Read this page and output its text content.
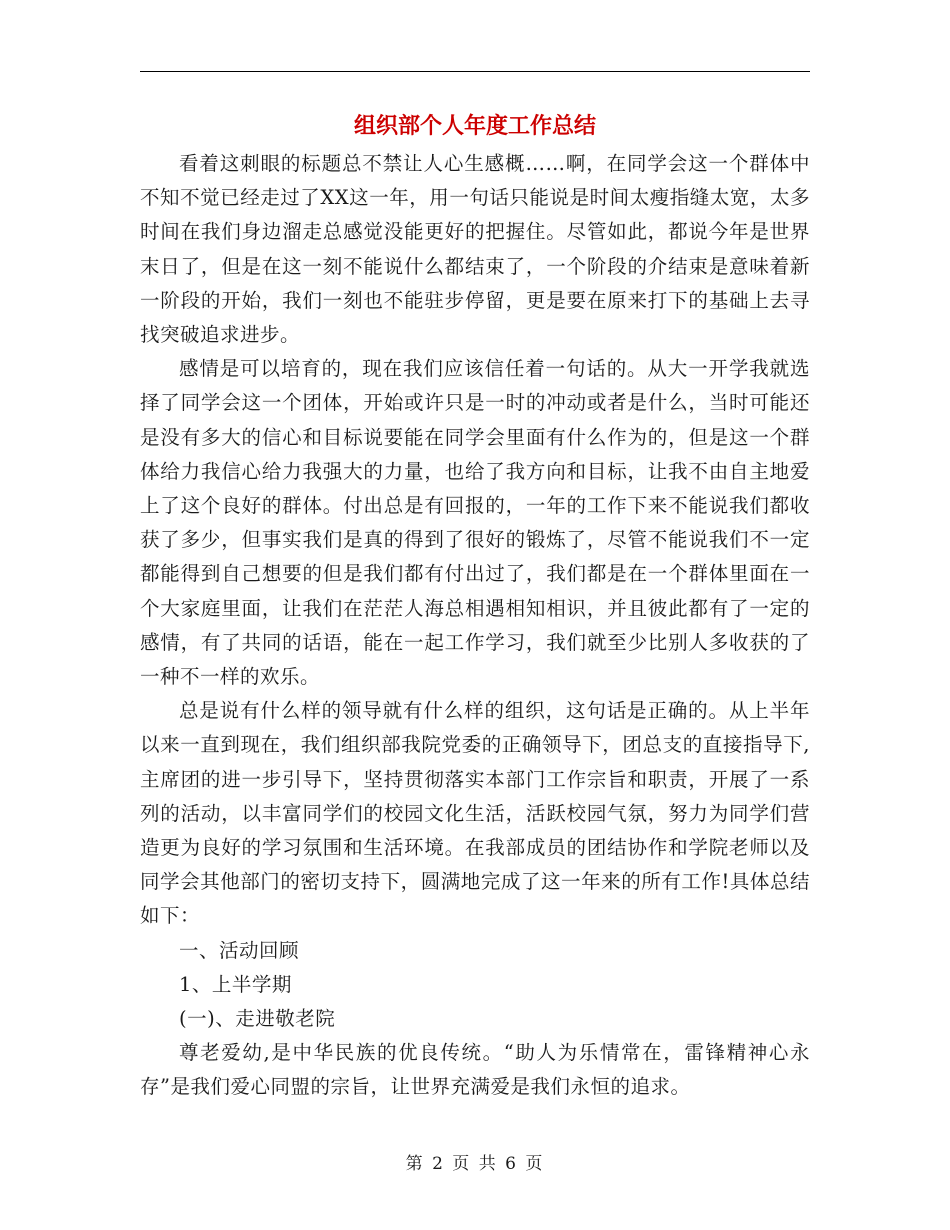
组织部个人年度工作总结

看着这刺眼的标题总不禁让人心生感概……啊，在同学会这一个群体中不知不觉已经走过了XX这一年，用一句话只能说是时间太瘦指缝太宽，太多时间在我们身边溜走总感觉没能更好的把握住。尽管如此，都说今年是世界末日了，但是在这一刻不能说什么都结束了，一个阶段的介结束是意味着新一阶段的开始，我们一刻也不能驻步停留，更是要在原来打下的基础上去寻找突破追求进步。

感情是可以培育的，现在我们应该信任着一句话的。从大一开学我就选择了同学会这一个团体，开始或许只是一时的冲动或者是什么，当时可能还是没有多大的信心和目标说要能在同学会里面有什么作为的，但是这一个群体给力我信心给力我强大的力量，也给了我方向和目标，让我不由自主地爱上了这个良好的群体。付出总是有回报的，一年的工作下来不能说我们都收获了多少，但事实我们是真的得到了很好的锻炼了，尽管不能说我们不一定都能得到自己想要的但是我们都有付出过了，我们都是在一个群体里面在一个大家庭里面，让我们在茫茫人海总相遇相知相识，并且彼此都有了一定的感情，有了共同的话语，能在一起工作学习，我们就至少比别人多收获的了一种不一样的欢乐。

总是说有什么样的领导就有什么样的组织，这句话是正确的。从上半年以来一直到现在，我们组织部我院党委的正确领导下，团总支的直接指导下,主席团的进一步引导下，坚持贯彻落实本部门工作宗旨和职责，开展了一系列的活动，以丰富同学们的校园文化生活，活跃校园气氛，努力为同学们营造更为良好的学习氛围和生活环境。在我部成员的团结协作和学院老师以及同学会其他部门的密切支持下，圆满地完成了这一年来的所有工作!具体总结如下：

一、活动回顾

1、上半学期

(一)、走进敬老院

尊老爱幼,是中华民族的优良传统。“助人为乐情常在，雷锋精神心永存”是我们爱心同盟的宗旨，让世界充满爱是我们永恒的追求。

第 2 页 共 6 页
